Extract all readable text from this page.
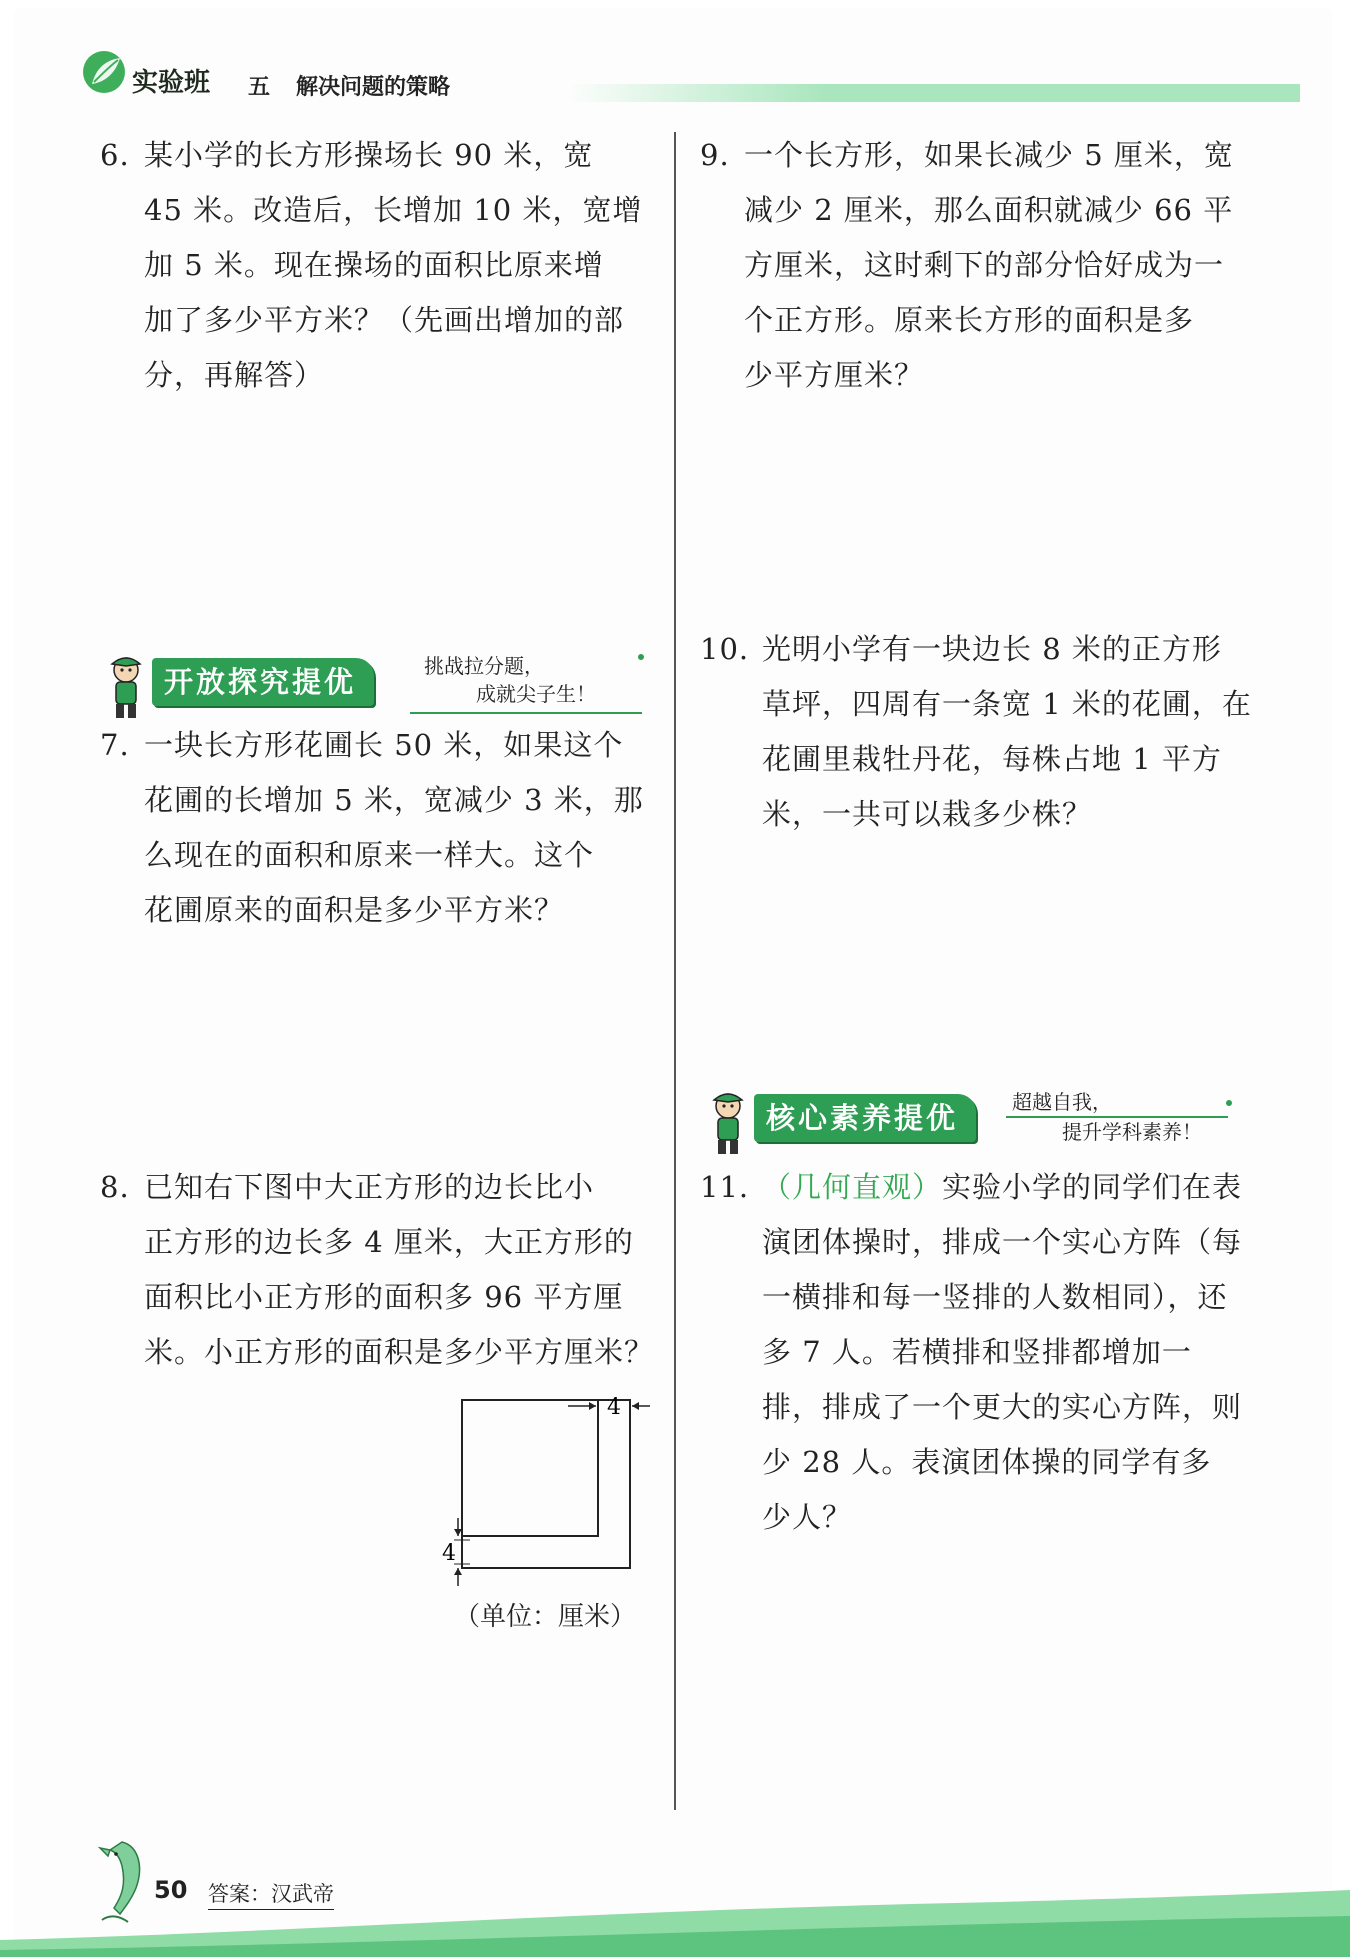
实验班 五 解决问题的策略
6. 某小学的长方形操场长 90 米，宽

45 米。改造后，长增加 10 米，宽增

加 5 米。现在操场的面积比原来增

加了多少平方米？（先画出增加的部

分，再解答）

开放探究提优	挑战拉分题，
成就尖子生！
7. 一块长方形花圃长 50 米，如果这个

花圃的长增加 5 米，宽减少 3 米，那

么现在的面积和原来一样大。这个

花圃原来的面积是多少平方米？

8. 已知右下图中大正方形的边长比小

正方形的边长多 4 厘米，大正方形的

面积比小正方形的面积多 96 平方厘

米。小正方形的面积是多少平方厘米？

4
4
（单位：厘米）
9. 一个长方形，如果长减少 5 厘米，宽

减少 2 厘米，那么面积就减少 66 平

方厘米，这时剩下的部分恰好成为一

个正方形。原来长方形的面积是多

少平方厘米？

10. 光明小学有一块边长 8 米的正方形

草坪，四周有一条宽 1 米的花圃，在

花圃里栽牡丹花，每株占地 1 平方

米，一共可以栽多少株？

核心素养提优	超越自我，
提升学科素养！
11. （几何直观）实验小学的同学们在表

演团体操时，排成一个实心方阵（每

一横排和每一竖排的人数相同），还

多 7 人。若横排和竖排都增加一

排，排成了一个更大的实心方阵，则

少 28 人。表演团体操的同学有多

少人？

50 答案：汉武帝
